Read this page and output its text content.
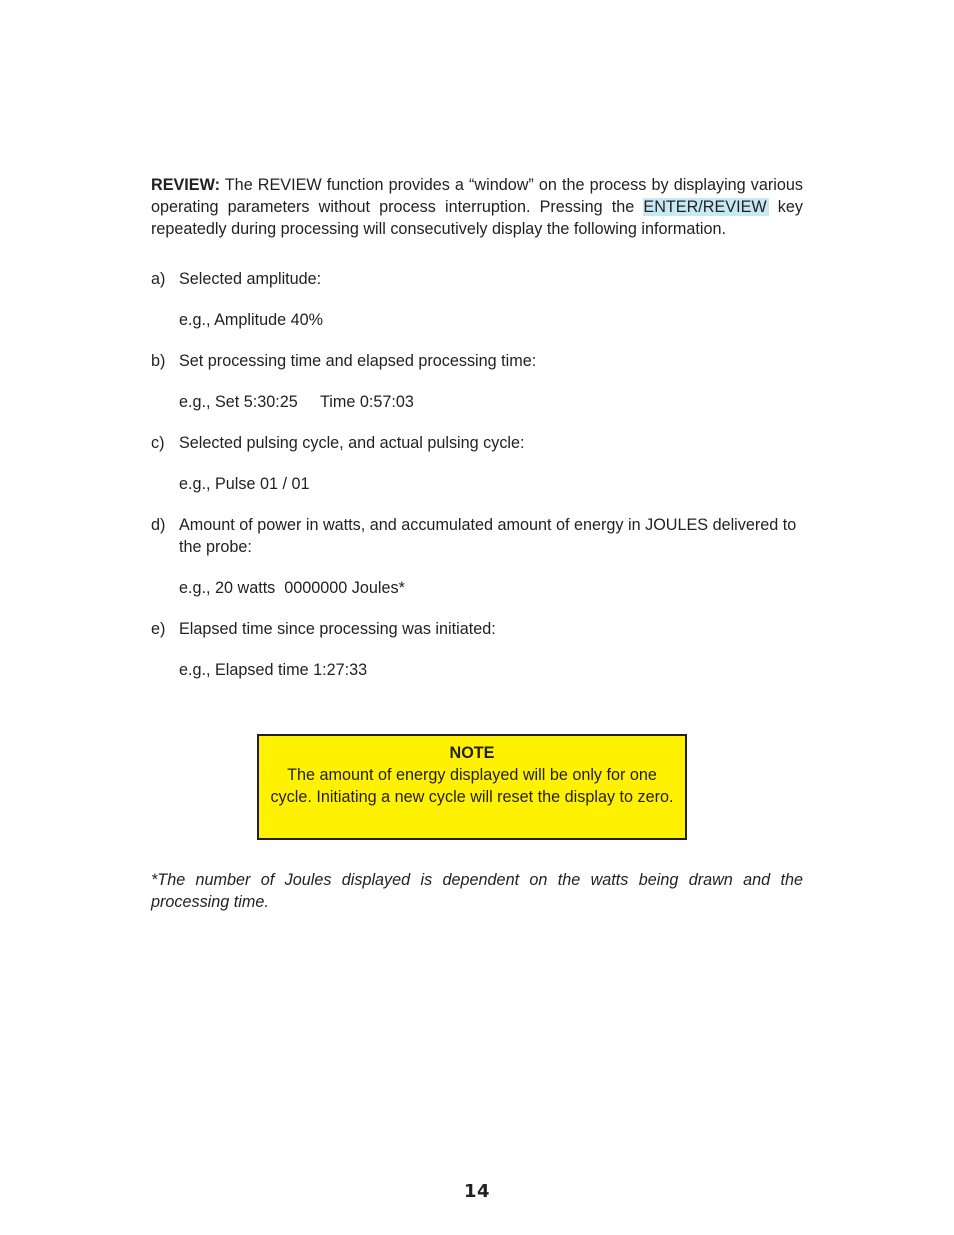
REVIEW: The REVIEW function provides a “window” on the process by displaying various operating parameters without process interruption. Pressing the ENTER/REVIEW key repeatedly during processing will consecutively display the following information.

a) Selected amplitude:
e.g., Amplitude 40%
b) Set processing time and elapsed processing time:
e.g., Set 5:30:25     Time 0:57:03
c) Selected pulsing cycle, and actual pulsing cycle:
e.g., Pulse 01 / 01
d) Amount of power in watts, and accumulated amount of energy in JOULES delivered to the probe:
e.g., 20 watts  0000000 Joules*
e) Elapsed time since processing was initiated:
e.g., Elapsed time 1:27:33
NOTE
The amount of energy displayed will be only for one cycle. Initiating a new cycle will reset the display to zero.

*The number of Joules displayed is dependent on the watts being drawn and the processing time.

14
